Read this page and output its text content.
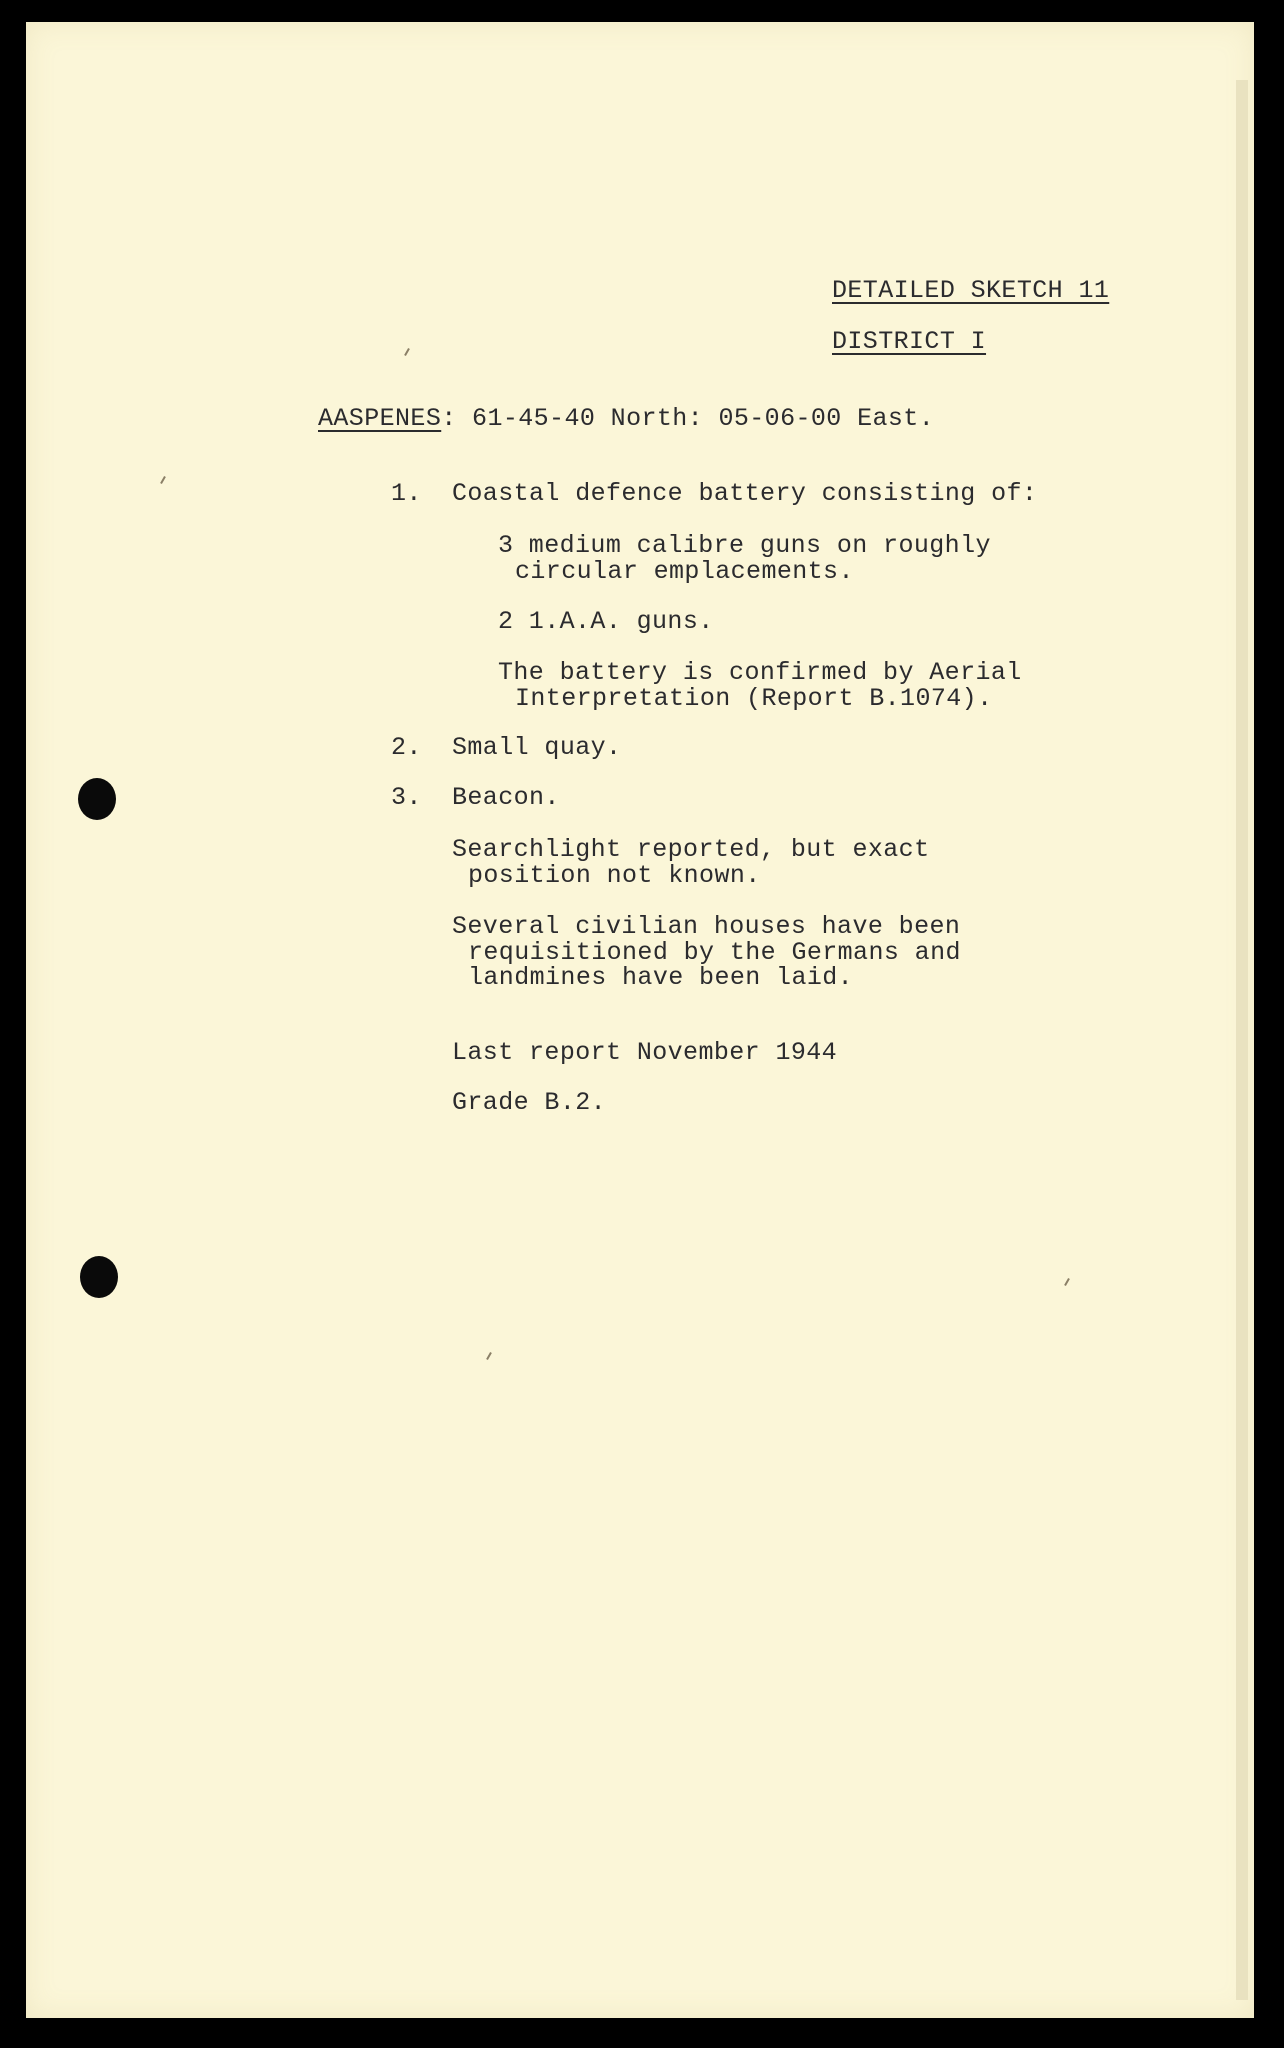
DETAILED SKETCH 11
DISTRICT I
AASPENES: 61-45-40 North: 05-06-00 East.
1. Coastal defence battery consisting of:
3 medium calibre guns on roughly
circular emplacements.
2 1.A.A. guns.
The battery is confirmed by Aerial
Interpretation (Report B.1074).
2. Small quay.
3. Beacon.
Searchlight reported, but exact
position not known.
Several civilian houses have been
requisitioned by the Germans and
landmines have been laid.
Last report November 1944
Grade B.2.
